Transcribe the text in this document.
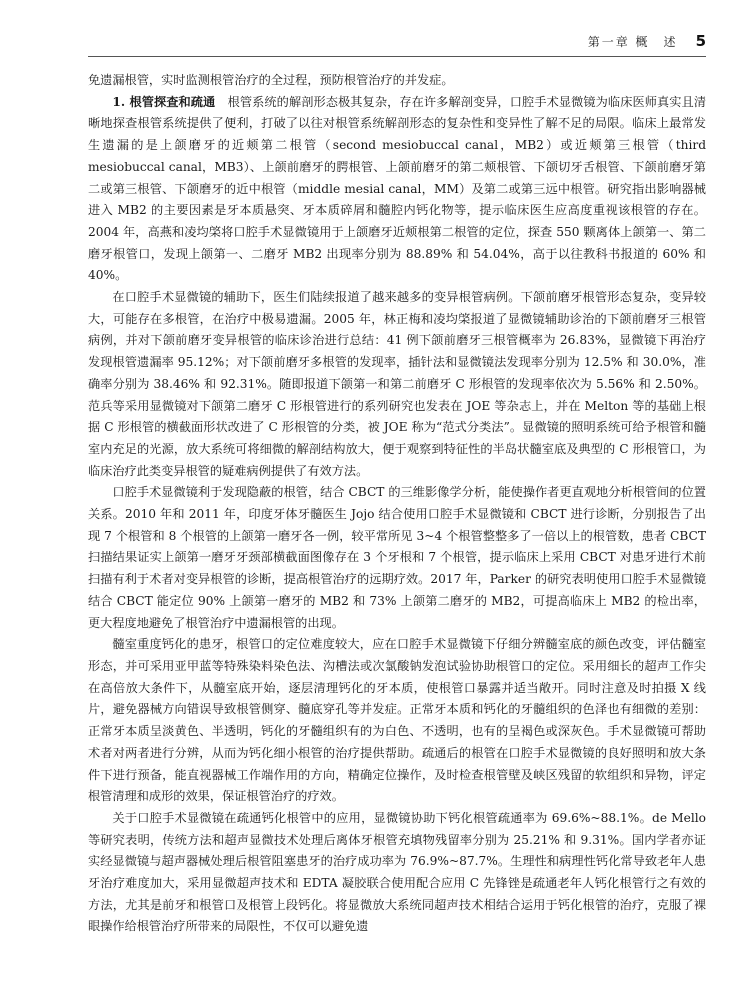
第一章 概　述 5

免遗漏根管，实时监测根管治疗的全过程，预防根管治疗的并发症。

1. 根管探查和疏通　根管系统的解剖形态极其复杂，存在许多解剖变异，口腔手术显微镜为临床医师真实且清晰地探查根管系统提供了便利，打破了以往对根管系统解剖形态的复杂性和变异性了解不足的局限。临床上最常发生遗漏的是上颌磨牙的近颊第二根管（second mesiobuccal canal，MB2）或近颊第三根管（third mesiobuccal canal，MB3）、上颌前磨牙的腭根管、上颌前磨牙的第二颊根管、下颌切牙舌根管、下颌前磨牙第二或第三根管、下颌磨牙的近中根管（middle mesial canal，MM）及第二或第三远中根管。研究指出影响器械进入 MB2 的主要因素是牙本质悬突、牙本质碎屑和髓腔内钙化物等，提示临床医生应高度重视该根管的存在。2004 年，高燕和凌均棨将口腔手术显微镜用于上颌磨牙近颊根第二根管的定位，探查 550 颗离体上颌第一、第二磨牙根管口，发现上颌第一、二磨牙 MB2 出现率分别为 88.89% 和 54.04%，高于以往教科书报道的 60% 和 40%。

在口腔手术显微镜的辅助下，医生们陆续报道了越来越多的变异根管病例。下颌前磨牙根管形态复杂，变异较大，可能存在多根管，在治疗中极易遗漏。2005 年，林正梅和凌均棨报道了显微镜辅助诊治的下颌前磨牙三根管病例，并对下颌前磨牙变异根管的临床诊治进行总结：41 例下颌前磨牙三根管概率为 26.83%，显微镜下再治疗发现根管遗漏率 95.12%；对下颌前磨牙多根管的发现率，插针法和显微镜法发现率分别为 12.5% 和 30.0%，准确率分别为 38.46% 和 92.31%。随即报道下颌第一和第二前磨牙 C 形根管的发现率依次为 5.56% 和 2.50%。范兵等采用显微镜对下颌第二磨牙 C 形根管进行的系列研究也发表在 JOE 等杂志上，并在 Melton 等的基础上根据 C 形根管的横截面形状改进了 C 形根管的分类，被 JOE 称为“范式分类法”。显微镜的照明系统可给予根管和髓室内充足的光源，放大系统可将细微的解剖结构放大，便于观察到特征性的半岛状髓室底及典型的 C 形根管口，为临床治疗此类变异根管的疑难病例提供了有效方法。

口腔手术显微镜利于发现隐蔽的根管，结合 CBCT 的三维影像学分析，能使操作者更直观地分析根管间的位置关系。2010 年和 2011 年，印度牙体牙髓医生 Jojo 结合使用口腔手术显微镜和 CBCT 进行诊断，分别报告了出现 7 个根管和 8 个根管的上颌第一磨牙各一例，较平常所见 3~4 个根管整整多了一倍以上的根管数，患者 CBCT 扫描结果证实上颌第一磨牙牙颈部横截面图像存在 3 个牙根和 7 个根管，提示临床上采用 CBCT 对患牙进行术前扫描有利于术者对变异根管的诊断，提高根管治疗的远期疗效。2017 年，Parker 的研究表明使用口腔手术显微镜结合 CBCT 能定位 90% 上颌第一磨牙的 MB2 和 73% 上颌第二磨牙的 MB2，可提高临床上 MB2 的检出率，更大程度地避免了根管治疗中遗漏根管的出现。

髓室重度钙化的患牙，根管口的定位难度较大，应在口腔手术显微镜下仔细分辨髓室底的颜色改变，评估髓室形态，并可采用亚甲蓝等特殊染料染色法、沟槽法或次氯酸钠发泡试验协助根管口的定位。采用细长的超声工作尖在高倍放大条件下，从髓室底开始，逐层清理钙化的牙本质，使根管口暴露并适当敞开。同时注意及时拍摄 X 线片，避免器械方向错误导致根管侧穿、髓底穿孔等并发症。正常牙本质和钙化的牙髓组织的色泽也有细微的差别：正常牙本质呈淡黄色、半透明，钙化的牙髓组织有的为白色、不透明，也有的呈褐色或深灰色。手术显微镜可帮助术者对两者进行分辨，从而为钙化细小根管的治疗提供帮助。疏通后的根管在口腔手术显微镜的良好照明和放大条件下进行预备，能直视器械工作端作用的方向，精确定位操作，及时检查根管壁及峡区残留的软组织和异物，评定根管清理和成形的效果，保证根管治疗的疗效。

关于口腔手术显微镜在疏通钙化根管中的应用，显微镜协助下钙化根管疏通率为 69.6%~88.1%。de Mello 等研究表明，传统方法和超声显微技术处理后离体牙根管充填物残留率分别为 25.21% 和 9.31%。国内学者亦证实经显微镜与超声器械处理后根管阻塞患牙的治疗成功率为 76.9%~87.7%。生理性和病理性钙化常导致老年人患牙治疗难度加大，采用显微超声技术和 EDTA 凝胶联合使用配合应用 C 先锋锉是疏通老年人钙化根管行之有效的方法，尤其是前牙和根管口及根管上段钙化。将显微放大系统同超声技术相结合运用于钙化根管的治疗，克服了裸眼操作给根管治疗所带来的局限性，不仅可以避免遗
